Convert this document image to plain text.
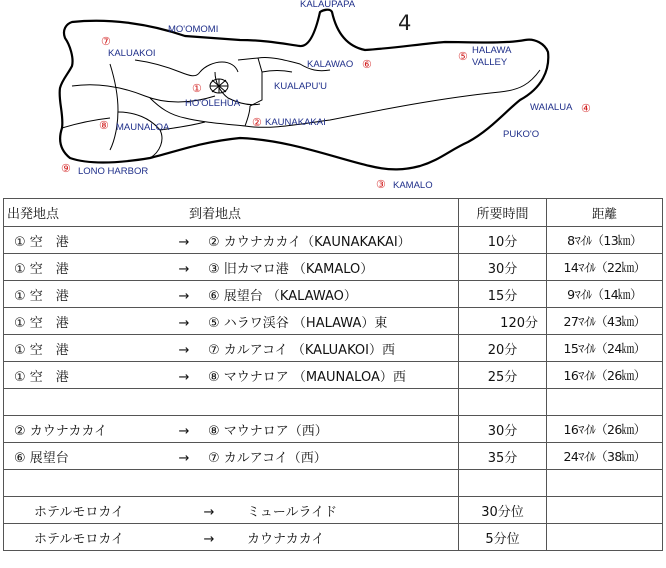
4
KALAUPAPA
MO'OMOMI
KALUAKOI
KALAWAO
HALAWA
VALLEY
HO'OLEHUA
KUALAPU'U
KAUNAKAKAI
WAIALUA
MAUNALOA
PUKO'O
LONO HARBOR
KAMALO
⑦
①
⑥
⑤
②
④
⑧
⑨
③
出発地点 到着地点	所要時間	距離
① 空　港 → ② カウナカカイ（KAUNAKAKAI）	10分	8ﾏｲﾙ（13㎞）
① 空　港 → ③ 旧カマロ港 （KAMALO）	30分	14ﾏｲﾙ（22㎞）
① 空　港 → ⑥ 展望台 （KALAWAO）	15分	9ﾏｲﾙ（14㎞）
① 空　港 → ⑤ ハラワ渓谷 （HALAWA）東	120分	27ﾏｲﾙ（43㎞）
① 空　港 → ⑦ カルアコイ （KALUAKOI）西	20分	15ﾏｲﾙ（24㎞）
① 空　港 → ⑧ マウナロア （MAUNALOA）西	25分	16ﾏｲﾙ（26㎞）

② カウナカカイ → ⑧ マウナロア（西）	30分	16ﾏｲﾙ（26㎞）
⑥ 展望台 → ⑦ カルアコイ（西）	35分	24ﾏｲﾙ（38㎞）

ホテルモロカイ → ミュールライド	30分位	
ホテルモロカイ → カウナカカイ	5分位	
